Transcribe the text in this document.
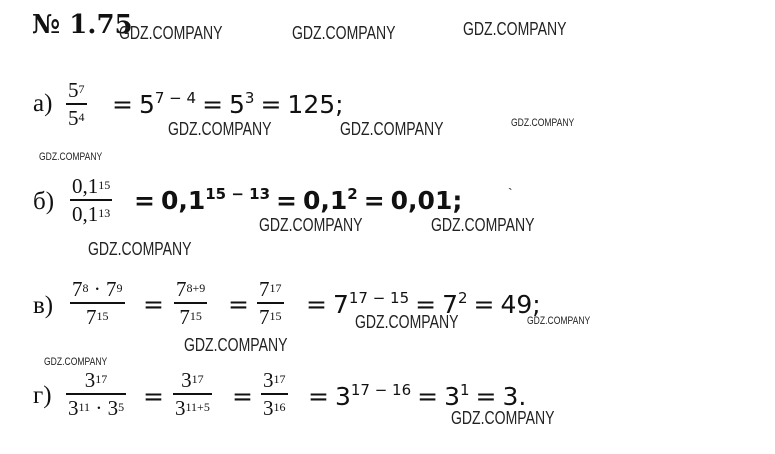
№ 1.75
а) $5^7$
$5^4 = 5^{7 - 4} = 5^3 = 125$;
б)
$0,1^{15}$
$0,1^{13} = 0,1^{15 - 13} = 0,1^2 = 0,01$;	`
в)
$7^8 \cdot 7^9$
$7^{15}$ =
$7^{8+9}$
$7^{15}$ =
$7^{17}$
$7^{15} = 7^{17 - 15} = 7^2 = 49$;
г)
$3^{17}$
$3^{11} \cdot 3^5$ =
$3^{17}$
$3^{11+5}$ =
$3^{17}$
$3^{16} = 3^{17 - 16} = 3^1 = 3$.
GDZ.COMPANY	GDZ.COMPANY	GDZ.COMPANY
GDZ.COMPANY	GDZ.COMPANY	GDZ.COMPANY
GDZ.COMPANY
GDZ.COMPANY	GDZ.COMPANY
GDZ.COMPANY
GDZ.COMPANY	GDZ.COMPANY
GDZ.COMPANY
GDZ.COMPANY
GDZ.COMPANY
